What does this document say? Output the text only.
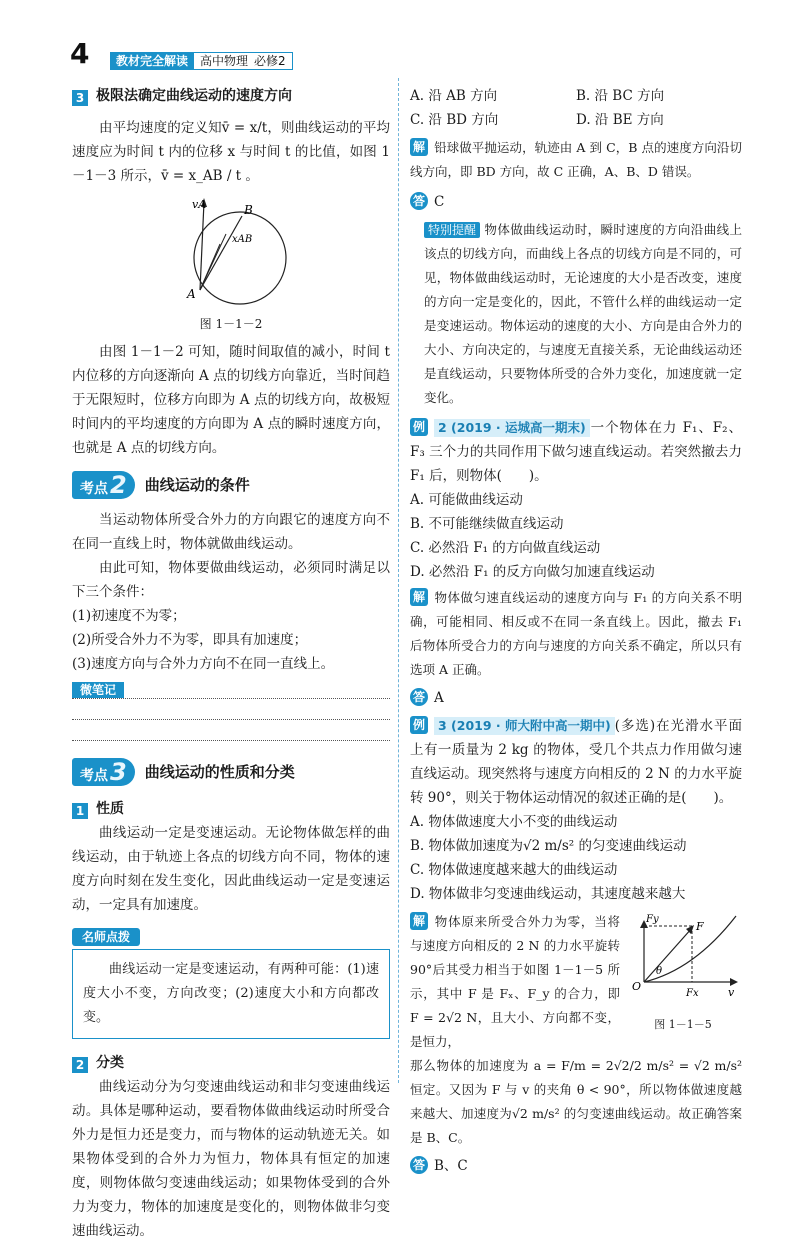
4	教材完全解读	高中物理 必修2
3 极限法确定曲线运动的速度方向

由平均速度的定义知v̄ = x/t，则曲线运动的平均速度应为时间 t 内的位移 x 与时间 t 的比值，如图 1－1－3 所示，v̄ = x_AB / t 。

vA
A
B
xAB
图 1－1－2

由图 1－1－2 可知，随时间取值的减小，时间 t 内位移的方向逐渐向 A 点的切线方向靠近，当时间趋于无限短时，位移方向即为 A 点的切线方向，故极短时间内的平均速度的方向即为 A 点的瞬时速度方向，也就是 A 点的切线方向。

考点2	曲线运动的条件

当运动物体所受合外力的方向跟它的速度方向不在同一直线上时，物体就做曲线运动。

由此可知，物体要做曲线运动，必须同时满足以下三个条件：

(1)初速度不为零；

(2)所受合外力不为零，即具有加速度；

(3)速度方向与合外力方向不在同一直线上。

微笔记
考点3	曲线运动的性质和分类
1 性质

曲线运动一定是变速运动。无论物体做怎样的曲线运动，由于轨迹上各点的切线方向不同，物体的速度方向时刻在发生变化，因此曲线运动一定是变速运动，一定具有加速度。

名师点拨

曲线运动一定是变速运动，有两种可能：(1)速度大小不变，方向改变；(2)速度大小和方向都改变。

2 分类

曲线运动分为匀变速曲线运动和非匀变速曲线运动。具体是哪种运动，要看物体做曲线运动时所受合外力是恒力还是变力，而与物体的运动轨迹无关。如果物体受到的合外力为恒力，物体具有恒定的加速度，则物体做匀变速曲线运动；如果物体受到的合外力为变力，物体的加速度是变化的，则物体做非匀变速曲线运动。

A. 沿 AB 方向	B. 沿 BC 方向
C. 沿 BD 方向	D. 沿 BE 方向

解 铅球做平抛运动，轨迹由 A 到 C，B 点的速度方向沿切线方向，即 BD 方向，故 C 正确，A、B、D 错误。

答 C

特别提醒 物体做曲线运动时，瞬时速度的方向沿曲线上该点的切线方向，而曲线上各点的切线方向是不同的，可见，物体做曲线运动时，无论速度的大小是否改变，速度的方向一定是变化的，因此，不管什么样的曲线运动一定是变速运动。物体运动的速度的大小、方向是由合外力的大小、方向决定的，与速度无直接关系，无论曲线运动还是直线运动，只要物体所受的合外力变化，加速度就一定变化。

例 2 (2019 · 运城高一期末) 一个物体在力 F₁、F₂、F₃ 三个力的共同作用下做匀速直线运动。若突然撤去力 F₁ 后，则物体(　　)。

A. 可能做曲线运动
B. 不可能继续做直线运动
C. 必然沿 F₁ 的方向做直线运动
D. 必然沿 F₁ 的反方向做匀加速直线运动

解 物体做匀速直线运动的速度方向与 F₁ 的方向关系不明确，可能相同、相反或不在同一条直线上。因此，撤去 F₁ 后物体所受合力的方向与速度的方向关系不确定，所以只有选项 A 正确。

答 A

例 3 (2019 · 师大附中高一期中) (多选)在光滑水平面上有一质量为 2 kg 的物体，受几个共点力作用做匀速直线运动。现突然将与速度方向相反的 2 N 的力水平旋转 90°，则关于物体运动情况的叙述正确的是(　　)。

A. 物体做速度大小不变的曲线运动
B. 物体做加速度为√2 m/s² 的匀变速曲线运动
C. 物体做速度越来越大的曲线运动
D. 物体做非匀变速曲线运动，其速度越来越大
Fy
F
O
Fx	v
θ
图 1－1－5

解 物体原来所受合外力为零，当将与速度方向相反的 2 N 的力水平旋转 90°后其受力相当于如图 1－1－5 所示，其中 F 是 Fₓ、F_y 的合力，即 F = 2√2 N，且大小、方向都不变，是恒力，

那么物体的加速度为 a = F/m = 2√2/2 m/s² = √2 m/s² 恒定。又因为 F 与 v 的夹角 θ < 90°，所以物体做速度越来越大、加速度为√2 m/s² 的匀变速曲线运动。故正确答案是 B、C。

答 B、C
